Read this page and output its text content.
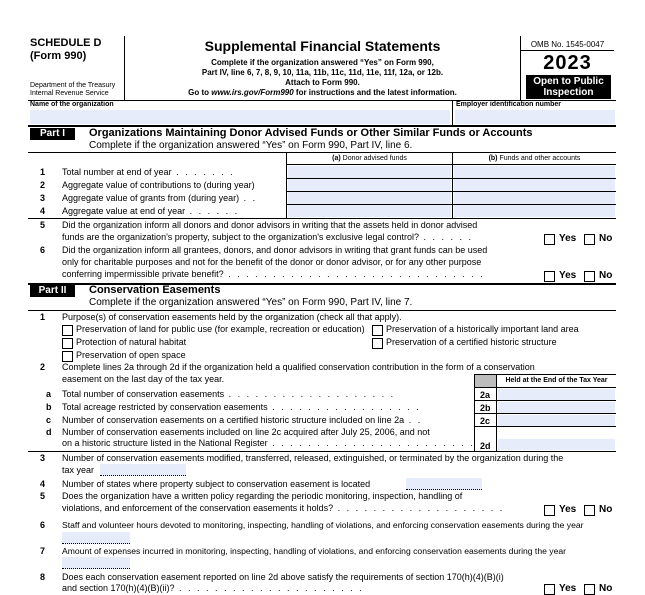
SCHEDULE D
(Form 990)
Department of the Treasury
Internal Revenue Service
Supplemental Financial Statements
Complete if the organization answered “Yes” on Form 990,
Part IV, line 6, 7, 8, 9, 10, 11a, 11b, 11c, 11d, 11e, 11f, 12a, or 12b.
Attach to Form 990.
Go to www.irs.gov/Form990 for instructions and the latest information.
OMB No. 1545-0047
2023
Open to Public
Inspection
Name of the organization	Employer identification number
Part I	Organizations Maintaining Donor Advised Funds or Other Similar Funds or Accounts
Complete if the organization answered “Yes” on Form 990, Part IV, line 6.
(a) Donor advised funds	(b) Funds and other accounts
1 Total number at end of year . . . . . . .
2 Aggregate value of contributions to (during year)
3 Aggregate value of grants from (during year) . .
4 Aggregate value at end of year . . . . . .
5 Did the organization inform all donors and donor advisors in writing that the assets held in donor advised
funds are the organization's property, subject to the organization's exclusive legal control? . . . . . .	Yes No
6 Did the organization inform all grantees, donors, and donor advisors in writing that grant funds can be used
only for charitable purposes and not for the benefit of the donor or donor advisor, or for any other purpose
conferring impermissible private benefit? . . . . . . . . . . . . . . . . . . . . . . . . . . . . .	Yes No
Part II	Conservation Easements
Complete if the organization answered “Yes” on Form 990, Part IV, line 7.
1 Purpose(s) of conservation easements held by the organization (check all that apply).
Preservation of land for public use (for example, recreation or education) Preservation of a historically important land area
Protection of natural habitat	Preservation of a certified historic structure
Preservation of open space
2 Complete lines 2a through 2d if the organization held a qualified conservation contribution in the form of a conservation
easement on the last day of the tax year.	Held at the End of the Tax Year
a Total number of conservation easements . . . . . . . . . . . . . . . . . . .	2a
b Total acreage restricted by conservation easements . . . . . . . . . . . . . . . . .	2b
c Number of conservation easements on a certified historic structure included on line 2a . .	2c
d Number of conservation easements included on line 2c acquired after July 25, 2006, and not
on a historic structure listed in the National Register . . . . . . . . . . . . . . . . . . . . . . . 2d
3 Number of conservation easements modified, transferred, released, extinguished, or terminated by the organization during the
tax year
4 Number of states where property subject to conservation easement is located
5 Does the organization have a written policy regarding the periodic monitoring, inspection, handling of
violations, and enforcement of the conservation easements it holds? . . . . . . . . . . . . . . . . . . .	Yes No
6 Staff and volunteer hours devoted to monitoring, inspecting, handling of violations, and enforcing conservation easements during the year
7 Amount of expenses incurred in monitoring, inspecting, handling of violations, and enforcing conservation easements during the year
8 Does each conservation easement reported on line 2d above satisfy the requirements of section 170(h)(4)(B)(i)
and section 170(h)(4)(B)(ii)? . . . . . . . . . . . . . . . . . . . . .	Yes No
